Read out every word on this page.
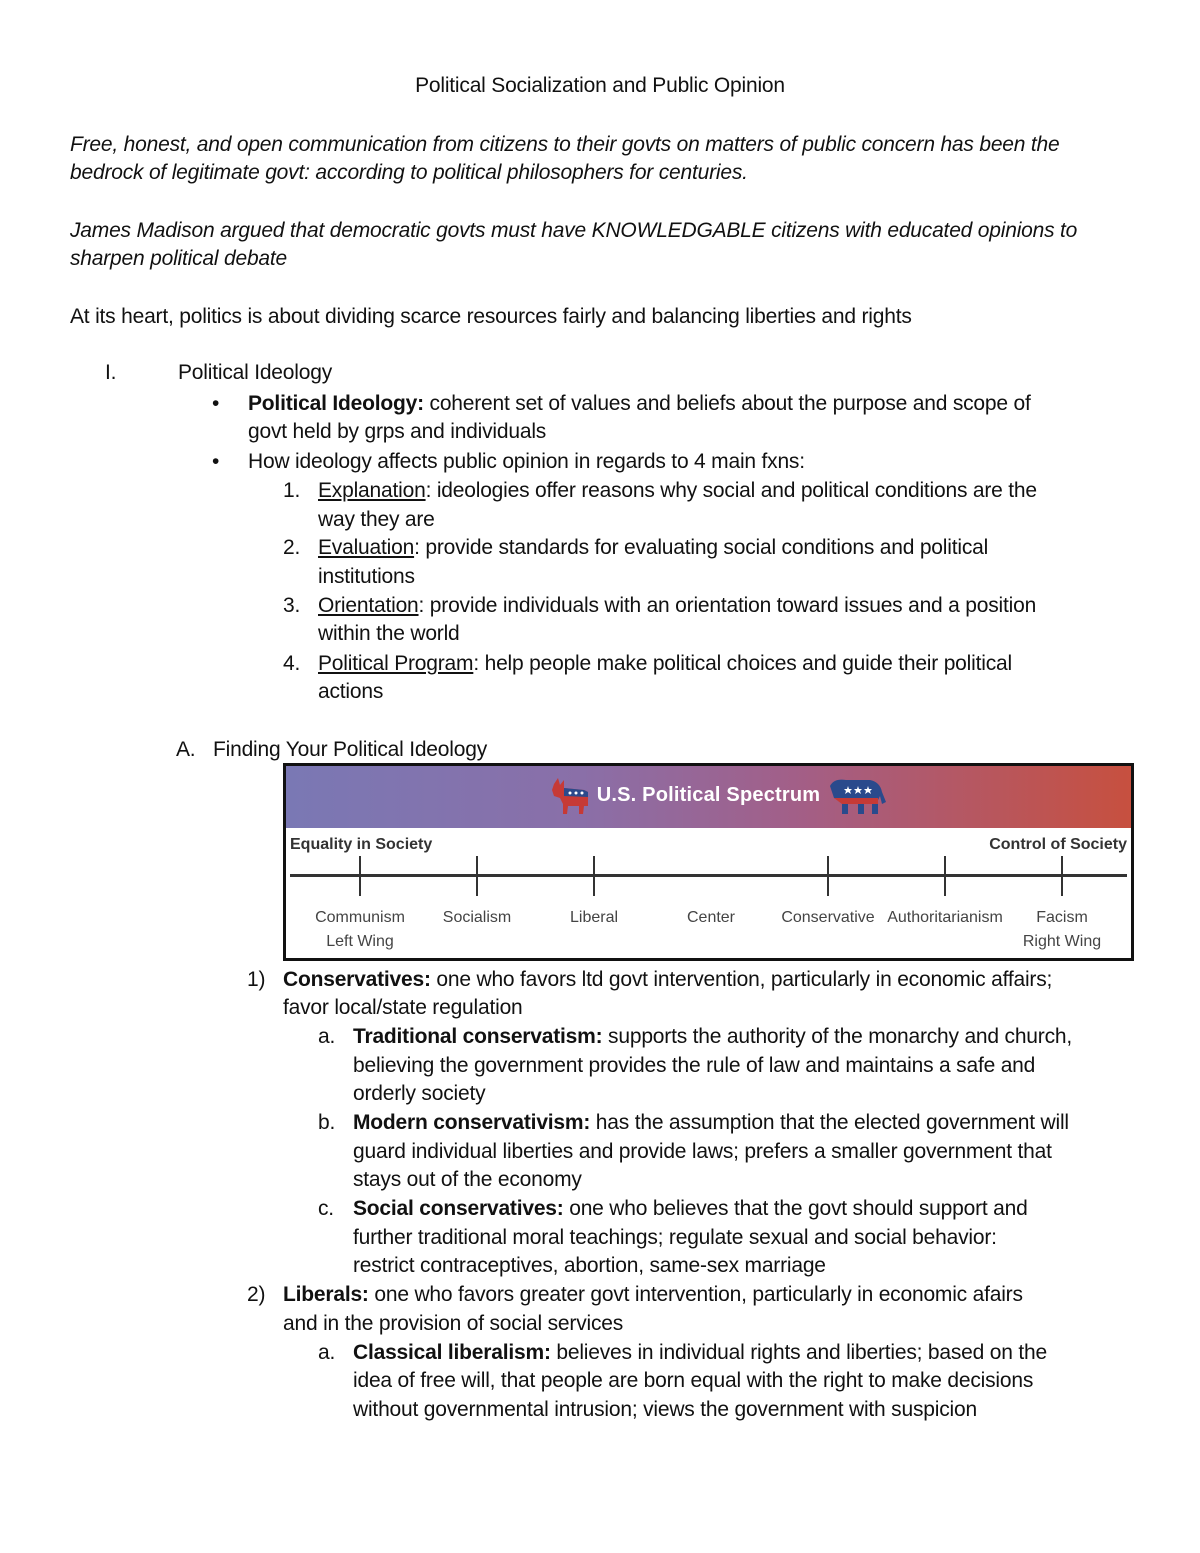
Political Socialization and Public Opinion
Free, honest, and open communication from citizens to their govts on matters of public concern has been the
bedrock of legitimate govt: according to political philosophers for centuries.
James Madison argued that democratic govts must have KNOWLEDGABLE citizens with educated opinions to
sharpen political debate
At its heart, politics is about dividing scarce resources fairly and balancing liberties and rights
I.	Political Ideology
• Political Ideology: coherent set of values and beliefs about the purpose and scope of
govt held by grps and individuals
• How ideology affects public opinion in regards to 4 main fxns:
1. Explanation: ideologies offer reasons why social and political conditions are the
way they are
2. Evaluation: provide standards for evaluating social conditions and political
institutions
3. Orientation: provide individuals with an orientation toward issues and a position
within the world
4. Political Program: help people make political choices and guide their political
actions
A. Finding Your Political Ideology
U.S. Political Spectrum
Equality in Society	Control of Society
Communism
Left Wing
Socialism	Liberal	Center	Conservative Authoritarianism	Facism
Right Wing
1) Conservatives: one who favors ltd govt intervention, particularly in economic affairs;
favor local/state regulation
a. Traditional conservatism: supports the authority of the monarchy and church,
believing the government provides the rule of law and maintains a safe and
orderly society
b. Modern conservativism: has the assumption that the elected government will
guard individual liberties and provide laws; prefers a smaller government that
stays out of the economy
c. Social conservatives: one who believes that the govt should support and
further traditional moral teachings; regulate sexual and social behavior:
restrict contraceptives, abortion, same-sex marriage
2) Liberals: one who favors greater govt intervention, particularly in economic afairs
and in the provision of social services
a. Classical liberalism: believes in individual rights and liberties; based on the
idea of free will, that people are born equal with the right to make decisions
without governmental intrusion; views the government with suspicion
